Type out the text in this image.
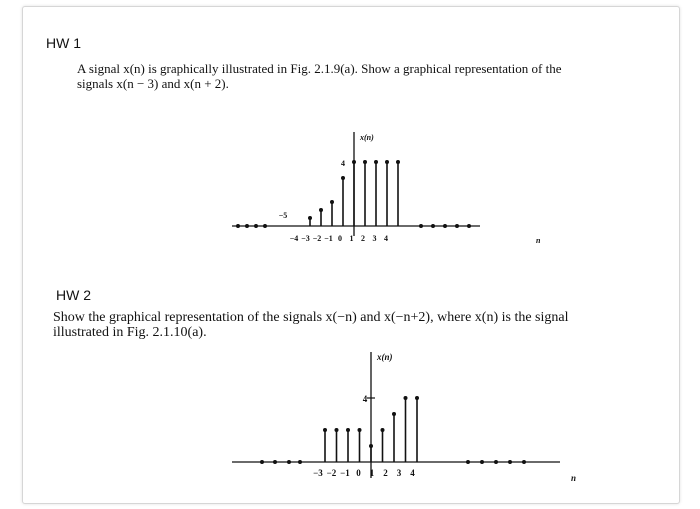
HW 1

A signal x(n) is graphically illustrated in Fig. 2.1.9(a). Show a graphical representation of the

signals x(n − 3) and x(n + 2).

HW 2

Show the graphical representation of the signals x(−n) and x(−n+2), where x(n) is the signal

illustrated in Fig. 2.1.10(a).

−4 −3 −2 −1 0 1 2 3 4
x(n)
4
n
−5
−3 −2 −1 0 1 2 3 4
x(n)
4
n
